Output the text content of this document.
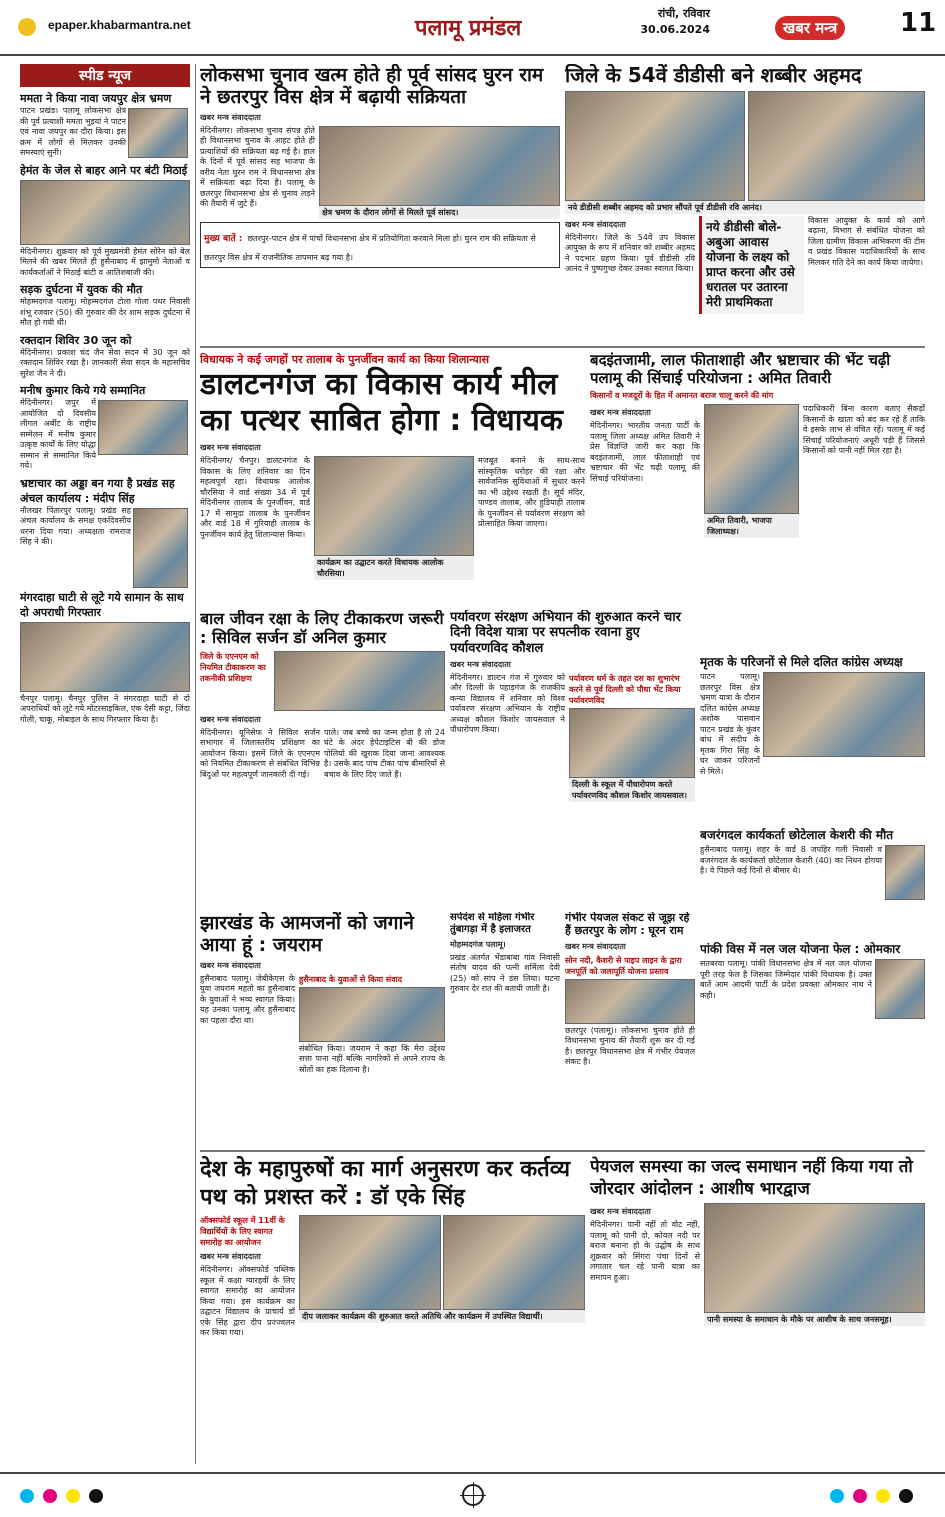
epaper.khabarmantra.net	पलामू प्रमंडल
रांची, रविवार
30.06.2024	खबर मन्त्र	11
स्पीड न्यूज
ममता ने किया नावा जयपुर क्षेत्र भ्रमण

पाटन प्रखंड। पलामू लोकसभा क्षेत्र की पूर्व प्रत्याशी ममता भुइयां ने पाटन एवं नावा जयपुर का दौरा किया। इस क्रम में लोगों से मिलकर उनकी समस्याएं सुनी।

हेमंत के जेल से बाहर आने पर बंटी मिठाई

मेदिनीनगर। शुक्रवार को पूर्व मुख्यमंत्री हेमंत सोरेन को बेल मिलने की खबर मिलते ही हुसैनाबाद में झामुमो नेताओं व कार्यकर्ताओं ने मिठाई बांटी व आतिशबाजी की।

सड़क दुर्घटना में युवक की मौत

मोहम्मदगंज पलामू। मोहम्मदगंज टोला गोला पथर निवासी शंभू रजवार (50) की गुरुवार की देर शाम सड़क दुर्घटना में मौत हो गयी थी।

रक्तदान शिविर 30 जून को

मेदिनीनगर। प्रकाश चंद जैन सेवा सदन में 30 जून को रक्तदान शिविर रखा है। जानकारी सेवा सदन के महासचिव सुरेश जैन ने दी।

मनीष कुमार किये गये सम्मानित

मेदिनीनगर। जपुर में आयोजित दो दिवसीय लीगल अर्बीट के राष्ट्रीय सम्मेलन में मनीष कुमार उत्कृष्ट कार्यों के लिए योद्धा सम्मान से सम्मानित किये गये।

भ्रष्टाचार का अड्डा बन गया है प्रखंड सह अंचल कार्यालय : मंदीप सिंह

नौलखर पिंतारपुर पलामू। प्रखंड सह अंचल कार्यालय के समक्ष एकदिवसीय धरना दिया गया। अध्यक्षता रामराज सिंह ने की।

मंगरदाहा घाटी से लूटे गये सामान के साथ दो अपराधी गिरफ्तार

चैनपुर पलामू। चैनपुर पुलिस ने मंगरदाहा घाटी से दो अपराधियों को लूटे गये मोटरसाइकिल, एक देसी कट्टा, जिंदा गोली, चाकू, मोबाइल के साथ गिरफ्तार किया है।

लोकसभा चुनाव खत्म होते ही पूर्व सांसद घुरन राम ने छतरपुर विस क्षेत्र में बढ़ायी सक्रियता
खबर मन्त्र संवाददाता

मेदिनीनगर। लोकसभा चुनाव संपन्न होते ही विधानसभा चुनाव के आहट होते ही प्रत्याशियों की सक्रियता बढ़ गई है। हाल के दिनों में पूर्व सांसद सह भाजपा के वरीय नेता घुरन राम ने विधानसभा क्षेत्र में सक्रियता बढ़ा दिया है। पलामू के छतरपुर विधानसभा क्षेत्र से चुनाव लड़ने की तैयारी में जुटे हैं।

क्षेत्र भ्रमण के दौरान लोगों से मिलते पूर्व सांसद।
मुख्य बातें : छतरपुर-पाटन क्षेत्र में पांचों विधानसभा क्षेत्र में प्रतियोगिता करवाने मिला हो। घुरन राम की सक्रियता से छतरपुर विस क्षेत्र में राजनीतिक तापमान बढ़ गया है।
जिले के 54वें डीडीसी बने शब्बीर अहमद
नये डीडीसी शब्बीर अहमद को प्रभार सौंपते पूर्व डीडीसी रवि आनंद।
खबर मन्त्र संवाददाता

मेदिनीनगर। जिले के 54वें उप विकास आयुक्त के रूप में शनिवार को शब्बीर अहमद ने पदभार ग्रहण किया। पूर्व डीडीसी रवि आनंद ने पुष्पगुच्छ देकर उनका स्वागत किया।

नये डीडीसी बोले- अबुआ आवास योजना के लक्ष्य को प्राप्त करना और उसे धरातल पर उतारना मेरी प्राथमिकता

विकास आयुक्त के कार्य को आगे बढ़ाना, विभाग से संबंधित योजना को जिला ग्रामीण विकास अभिकरण की टीम व प्रखंड विकास पदाधिकारियों के साथ मिलकर गति देने का कार्य किया जायेगा।

विधायक ने कई जगहों पर तालाब के पुनर्जीवन कार्य का किया शिलान्यास
डालटनगंज का विकास कार्य मील का पत्थर साबित होगा : विधायक
खबर मन्त्र संवाददाता

मेदिनीनगर/ चैनपुर। डालटनगंज के विकास के लिए शनिवार का दिन महत्वपूर्ण रहा। विधायक आलोक चौरसिया ने वार्ड संख्या 34 में पूर्व मेदिनीनगर तालाब के पुनर्जीवन, वार्ड 17 में सामुदा तालाब के पुनर्जीवन और वार्ड 18 में गुरियाही तालाब के पुनर्जीवन कार्य हेतु शिलान्यास किया।

कार्यक्रम का उद्घाटन करते विधायक आलोक चौरसिया।

मजबूत बनाने के साथ-साथ सांस्कृतिक धरोहर की रक्षा और सार्वजनिक सुविधाओं में सुधार करने का भी उद्देश्य रखती है। सूर्य मंदिर, पाण्डव तालाब, और हुडियाही तालाब के पुनर्जीवन से पर्यावरण संरक्षण को प्रोत्साहित किया जाएगा।

बदइंतजामी, लाल फीताशाही और भ्रष्टाचार की भेंट चढ़ी पलामू की सिंचाई परियोजना : अमित तिवारी
किसानों व मजदूरों के हित में अमानत बराज चालू करने की मांग
खबर मन्त्र संवाददाता

मेदिनीनगर। भारतीय जनता पार्टी के पलामू जिला अध्यक्ष अमित तिवारी ने प्रेस विज्ञप्ति जारी कर कहा कि बदइंतजामी, लाल फीताशाही एवं भ्रष्टाचार की भेंट चढ़ी पलामू की सिंचाई परियोजना।

अमित तिवारी, भाजपा जिलाध्यक्ष।

पदाधिकारी बिना कारण बताए सैकड़ों किसानों के खाता को बंद कर रहे हैं ताकि वे इसके लाभ से वंचित रहें। पलामू में कई सिंचाई परियोजनाएं अधूरी पड़ी हैं जिससे किसानों को पानी नहीं मिल रहा है।

बाल जीवन रक्षा के लिए टीकाकरण जरूरी : सिविल सर्जन डॉ अनिल कुमार
जिले के एएनएम को नियमित टीकाकरण का तकनीकी प्रशिक्षण
खबर मन्त्र संवाददाता

मेदिनीनगर। यूनिसेफ ने सिविल सर्जन सभागार में जिलास्तरीय प्रशिक्षण का आयोजन किया। इसमें जिले के एएनएम को नियमित टीकाकरण से संबंधित विभिन्न बिंदुओं पर महत्वपूर्ण जानकारी दी गई।

पाले। जब बच्चे का जन्म होता है तो 24 घंटे के अंदर हेपेटाइटिस बी की डोज पोलियो की खुराक दिया जाना आवश्यक है। उसके बाद पांच टीका पांच बीमारियों से बचाव के लिए दिए जाते हैं।

पर्यावरण संरक्षण अभियान की शुरुआत करने चार दिनी विदेश यात्रा पर सपत्नीक रवाना हुए पर्यावरणविद कौशल
खबर मन्त्र संवाददाता

मेदिनीनगर। डाल्टन गंज में गुरुवार को और दिल्ली के पहाड़गंज के राजकीय कन्या विद्यालय में शनिवार को विश्व पर्यावरण संरक्षण अभियान के राष्ट्रीय अध्यक्ष कौशल किशोर जायसवाल ने पौधारोपण किया।

पर्यावरण धर्म के तहत दस का शुभारंभ करने से पूर्व दिल्ली को पौधा भेंट किया पर्यावरणविद
दिल्ली के स्कूल में पौधारोपण करते पर्यावरणविद कौशल किशोर जायसवाल।
मृतक के परिजनों से मिले दलित कांग्रेस अध्यक्ष

पाटन पलामू। छतरपुर विस क्षेत्र भ्रमण यात्रा के दौरान दलित कांग्रेस अध्यक्ष अशोक पासवान पाटन प्रखंड के कुंवर बांध में संदीप के मृतक गिरा सिंह के घर जाकर परिजनों से मिले।

बजरंगदल कार्यकर्ता छोटेलाल केशरी की मौत

हुसैनाबाद पलामू। शहर के वार्ड 8 जपहिर गली निवासी व बजरंगदल के कार्यकर्ता छोटेलाल केशरी (40) का निधन होगया है। वे पिछले कई दिनों से बीमार थे।

पांकी विस में नल जल योजना फेल : ओमकार

सतबरवा पलामू। पांकी विधानसभा क्षेत्र में नल जल योजना पूरी तरह फेल है जिसका जिम्मेदार पांकी विधायक है। उक्त बातें आम आदमी पार्टी के प्रदेश प्रवक्ता ओमकार नाथ ने कही।

झारखंड के आमजनों को जगाने आया हूं : जयराम
खबर मन्त्र संवाददाता

हुसैनाबाद पलामू। जेबीकेएस के युवा जयराम महतो का हुसैनाबाद के युवाओं ने भव्य स्वागत किया। यह उनका पलामू और हुसैनाबाद का पहला दौरा था।

हुसैनाबाद के युवाओं से किया संवाद

संबोधित किया। जयराम ने कहा कि मेरा उद्देश्य सत्ता पाना नहीं बल्कि नागरिकों से अपने राज्य के स्रोतों का हक दिलाना है।

सर्पदंश से महिला गंभीर तुंबागड़ा में है इलाजरत
मोहम्मदगंज पलामू।

प्रखंड अंतर्गत भेंडाबाबा गांव निवासी संतोष यादव की पत्नी शर्मिला देवी (25) को सांप ने डंस लिया। घटना गुरुवार देर रात की बतायी जाती है।

गंभीर पेयजल संकट से जूझ रहे हैं छतरपुर के लोग : घूरन राम
खबर मन्त्र संवाददाता
सोन नदी, कैशरी से पाइप लाइन के द्वारा जनपूर्ति को जलापूर्ति योजना प्रस्ताव

छतरपुर (पलामू)। लोकसभा चुनाव होते ही विधानसभा चुनाव की तैयारी शुरू कर दी गई है। छतरपुर विधानसभा क्षेत्र में गंभीर पेयजल संकट है।

देश के महापुरुषों का मार्ग अनुसरण कर कर्तव्य पथ को प्रशस्त करें : डॉ एके सिंह
ऑक्सफोर्ड स्कूल में 11वीं के विद्यार्थियों के लिए स्वागत समारोह का आयोजन
खबर मन्त्र संवाददाता

मेदिनीनगर। ऑक्सफोर्ड पब्लिक स्कूल में कक्षा ग्यारहवीं के लिए स्वागत समारोह का आयोजन किया गया। इस कार्यक्रम का उद्घाटन विद्यालय के प्राचार्य डॉ एके सिंह द्वारा दीप प्रज्ज्वलन कर किया गया।

दीप जलाकर कार्यक्रम की शुरुआत करते अतिथि और कार्यक्रम में उपस्थित विद्यार्थी।
पेयजल समस्या का जल्द समाधान नहीं किया गया तो जोरदार आंदोलन : आशीष भारद्वाज
खबर मन्त्र संवाददाता

मेदिनीनगर। पानी नहीं तो वोट नहीं, पलामू को पानी दो, कोयल नदी पर बराज बनाना हो के उद्घोष के साथ शुक्रवार को सिंगरा पंचा दिनों से लगातार चल रहे पानी यात्रा का समापन हुआ।

पानी समस्या के समाधान के मौके पर आशीष के साथ जनसमूह।
